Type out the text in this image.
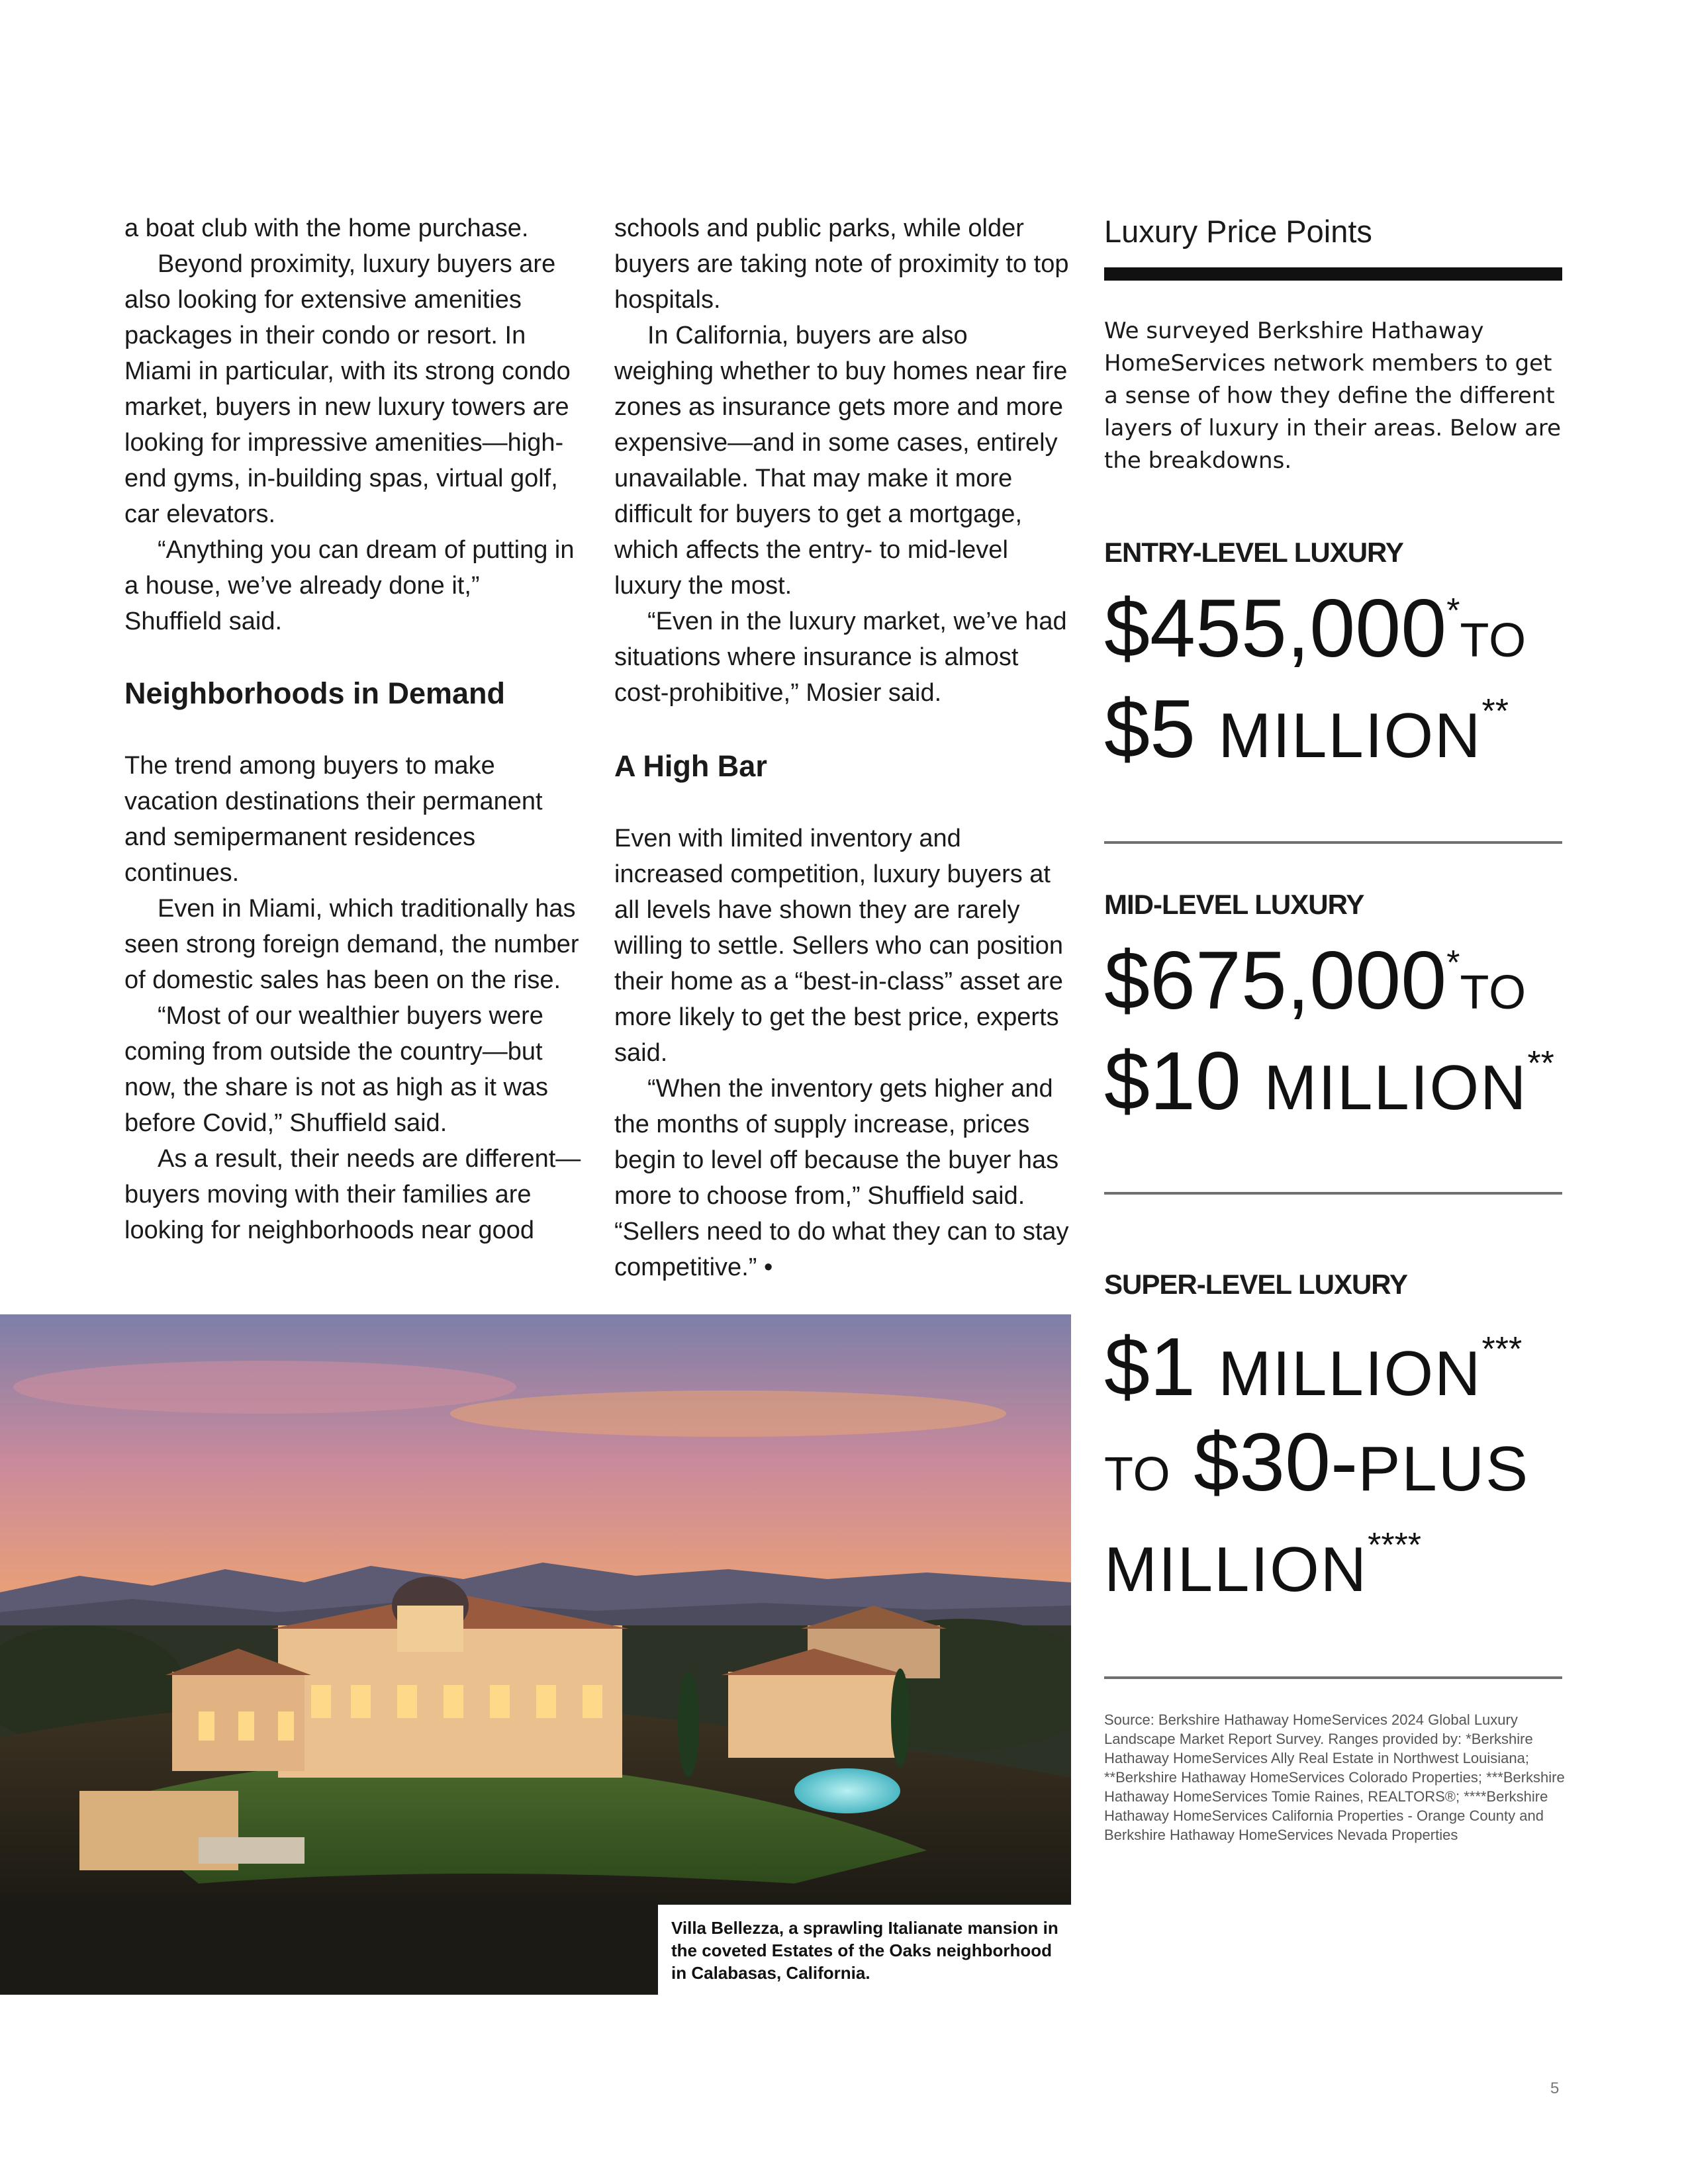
a boat club with the home purchase.

Beyond proximity, luxury buyers are also looking for extensive amenities packages in their condo or resort. In Miami in particular, with its strong condo market, buyers in new luxury towers are looking for impressive amenities—high-end gyms, in-building spas, virtual golf, car elevators.

“Anything you can dream of putting in a house, we’ve already done it,” Shuffield said.

Neighborhoods in Demand

The trend among buyers to make vacation destinations their permanent and semipermanent residences continues.

Even in Miami, which traditionally has seen strong foreign demand, the number of domestic sales has been on the rise.

“Most of our wealthier buyers were coming from outside the country—but now, the share is not as high as it was before Covid,” Shuffield said.

As a result, their needs are different—buyers moving with their families are looking for neighborhoods near good

schools and public parks, while older buyers are taking note of proximity to top hospitals.

In California, buyers are also weighing whether to buy homes near fire zones as insurance gets more and more expensive—and in some cases, entirely unavailable. That may make it more difficult for buyers to get a mortgage, which affects the entry- to mid-level luxury the most.

“Even in the luxury market, we’ve had situations where insurance is almost cost-prohibitive,” Mosier said.

A High Bar

Even with limited inventory and increased competition, luxury buyers at all levels have shown they are rarely willing to settle. Sellers who can position their home as a “best-in-class” asset are more likely to get the best price, experts said.

“When the inventory gets higher and the months of supply increase, prices begin to level off because the buyer has more to choose from,” Shuffield said. “Sellers need to do what they can to stay competitive.” •

Luxury Price Points
We surveyed Berkshire Hathaway HomeServices network members to get a sense of how they define the different layers of luxury in their areas. Below are the breakdowns.
ENTRY-LEVEL LUXURY
$455,000*TO
$5 MILLION**
MID-LEVEL LUXURY
$675,000*TO
$10 MILLION**
SUPER-LEVEL LUXURY
$1 MILLION***
TO $30-PLUS
MILLION****
Source: Berkshire Hathaway HomeServices 2024 Global Luxury Landscape Market Report Survey. Ranges provided by: *Berkshire Hathaway HomeServices Ally Real Estate in Northwest Louisiana; **Berkshire Hathaway HomeServices Colorado Properties; ***Berkshire Hathaway HomeServices Tomie Raines, REALTORS®; ****Berkshire Hathaway HomeServices California Properties - Orange County and Berkshire Hathaway HomeServices Nevada Properties
Villa Bellezza, a sprawling Italianate mansion in the coveted Estates of the Oaks neighborhood in Calabasas, California.
5
